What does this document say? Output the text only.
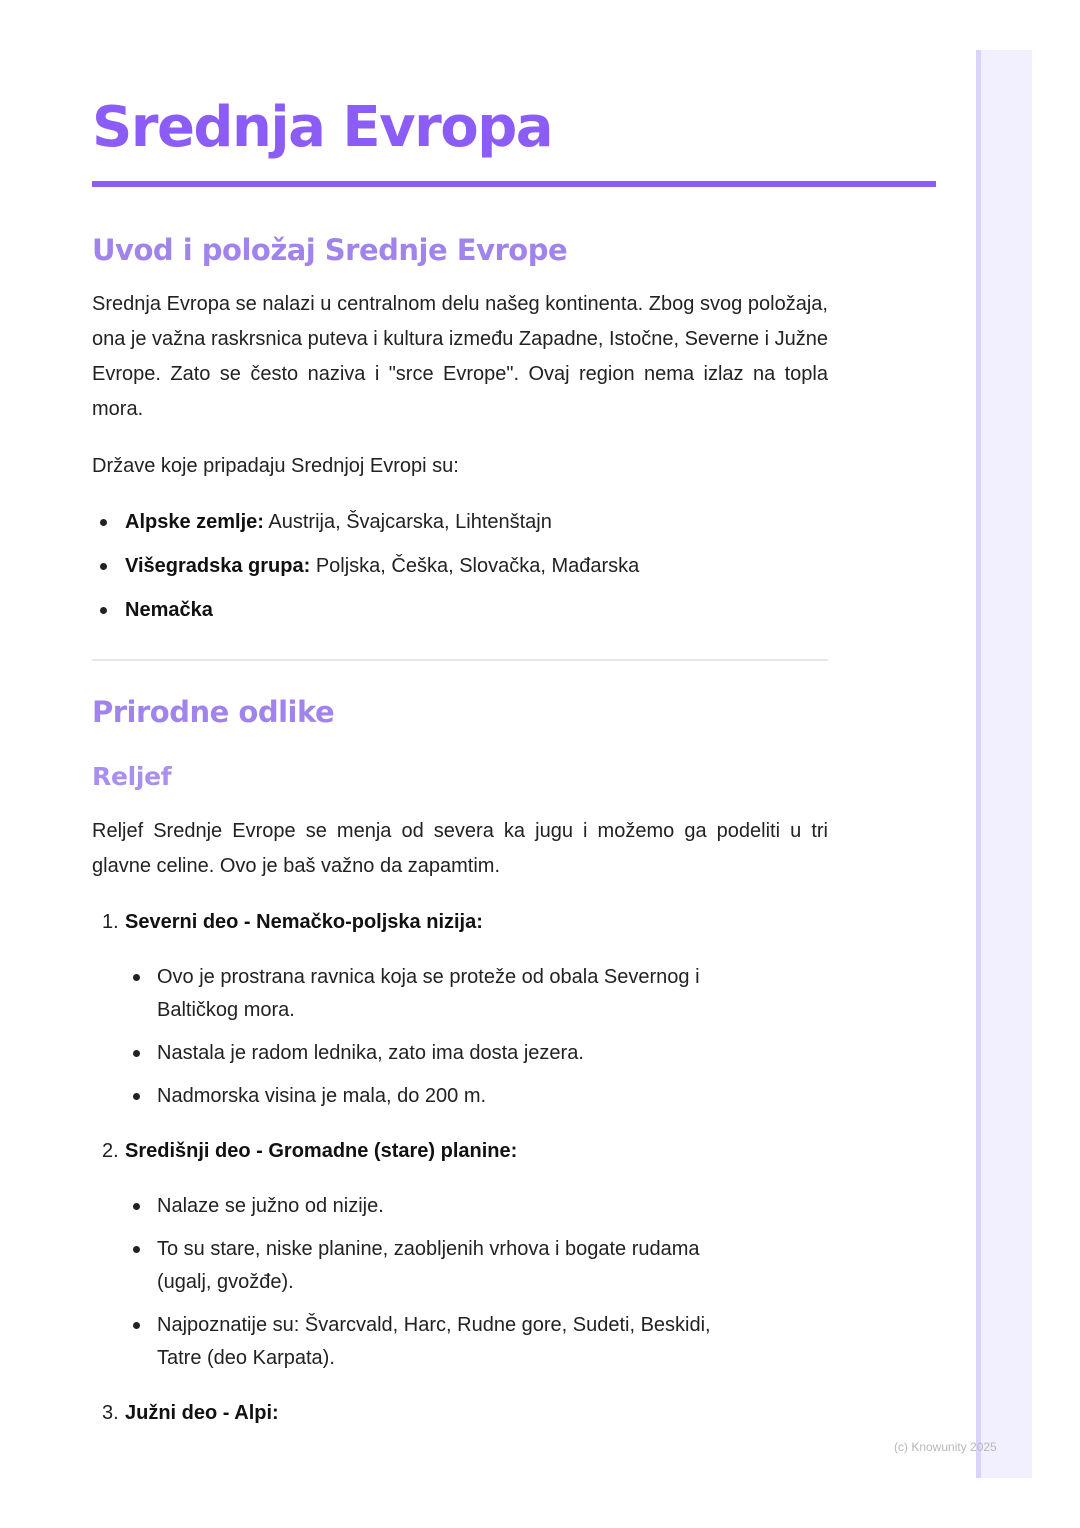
Srednja Evropa
Uvod i položaj Srednje Evrope

Srednja Evropa se nalazi u centralnom delu našeg kontinenta. Zbog svog položaja, ona je važna raskrsnica puteva i kultura između Zapadne, Istočne, Severne i Južne Evrope. Zato se često naziva i "srce Evrope". Ovaj region nema izlaz na topla mora.

Države koje pripadaju Srednjoj Evropi su:

Alpske zemlje: Austrija, Švajcarska, Lihtenštajn
Višegradska grupa: Poljska, Češka, Slovačka, Mađarska
Nemačka
Prirodne odlike
Reljef

Reljef Srednje Evrope se menja od severa ka jugu i možemo ga podeliti u tri glavne celine. Ovo je baš važno da zapamtim.

1. Severni deo - Nemačko-poljska nizija:
Ovo je prostrana ravnica koja se proteže od obala Severnog i Baltičkog mora.
Nastala je radom lednika, zato ima dosta jezera.
Nadmorska visina je mala, do 200 m.
2. Središnji deo - Gromadne (stare) planine:
Nalaze se južno od nizije.
To su stare, niske planine, zaobljenih vrhova i bogate rudama (ugalj, gvožđe).
Najpoznatije su: Švarcvald, Harc, Rudne gore, Sudeti, Beskidi, Tatre (deo Karpata).
3. Južni deo - Alpi:
(c) Knowunity 2025
